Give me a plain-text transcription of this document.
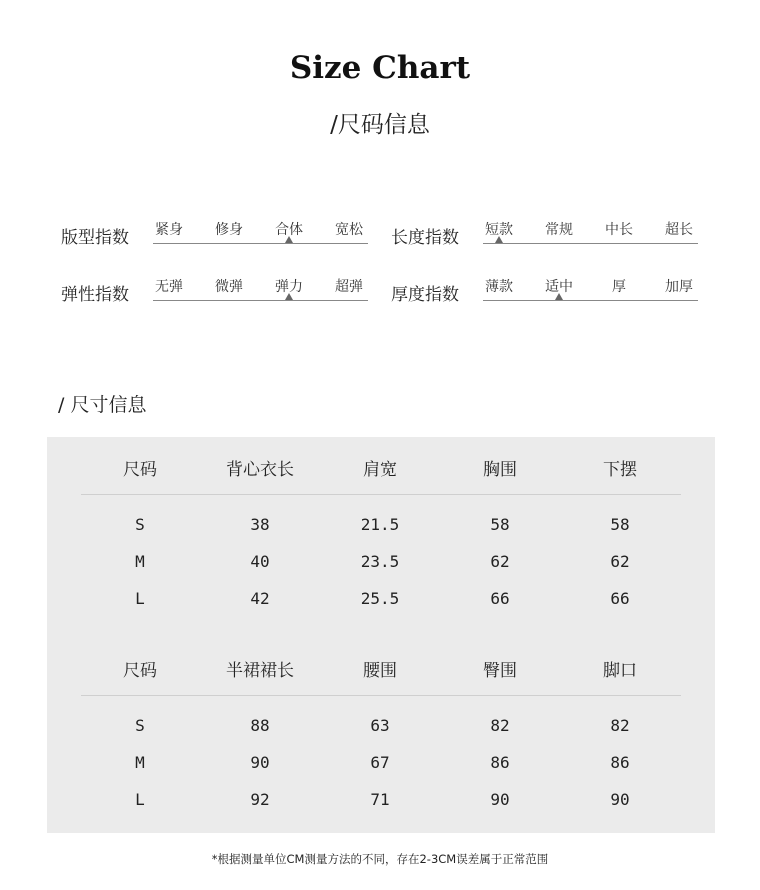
Size Chart
/尺码信息
版型指数 紧身 修身 合体 宽松 长度指数 短款 常规 中长 超长
弹性指数 无弹 微弹 弹力 超弹 厚度指数 薄款 适中	厚	加厚
/ 尺寸信息
尺码	背心衣长	肩宽	胸围	下摆
S	38	21.5	58	58
M	40	23.5	62	62
L	42	25.5	66	66
尺码	半裙裙长	腰围	臀围	脚口
S	88	63	82	82
M	90	67	86	86
L	92	71	90	90
*根据测量单位CM测量方法的不同，存在2-3CM误差属于正常范围
